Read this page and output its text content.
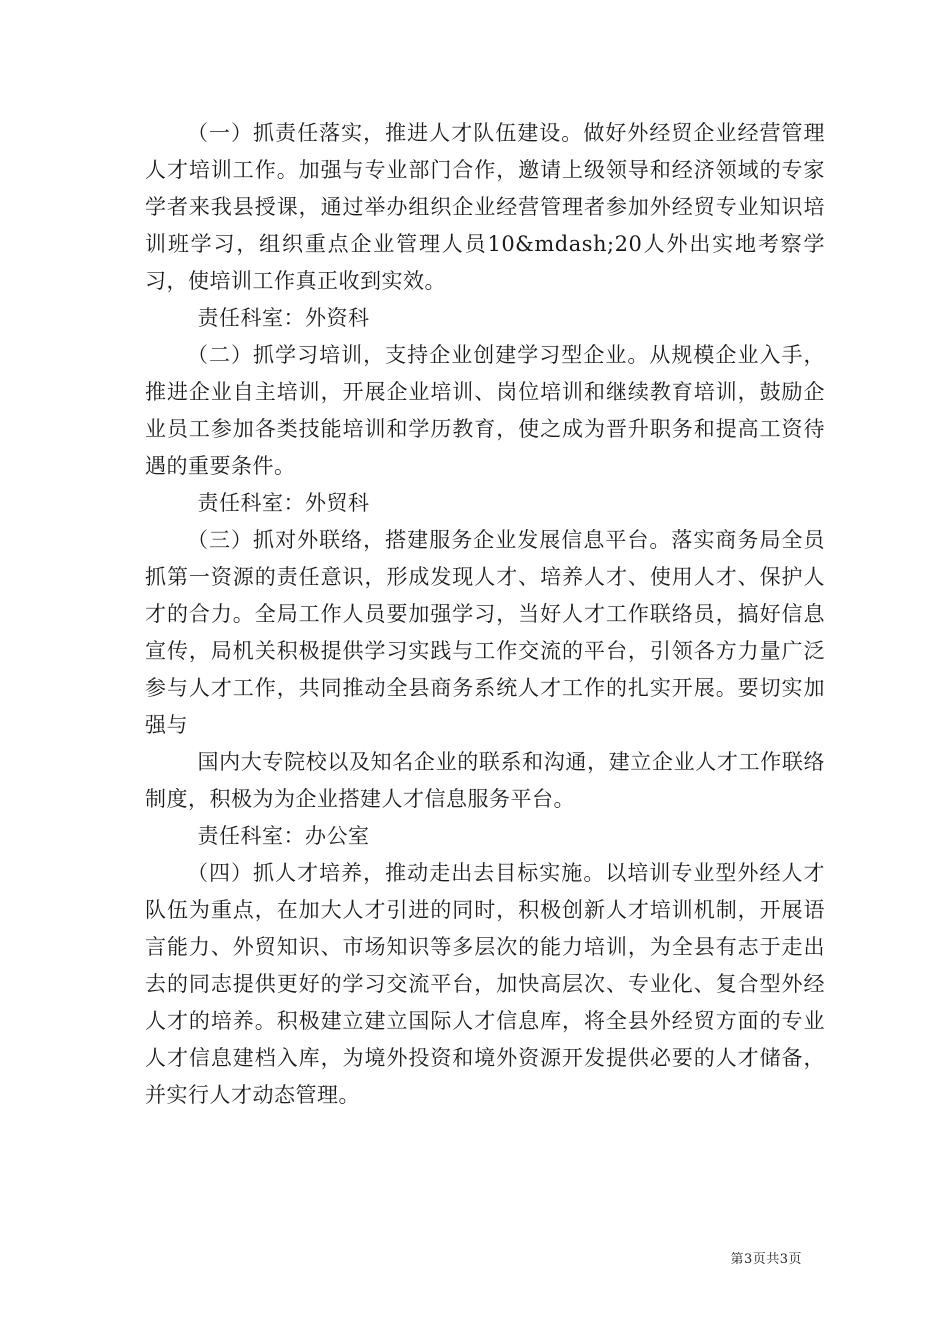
（一）抓责任落实，推进人才队伍建设。做好外经贸企业经营管理人才培训工作。加强与专业部门合作，邀请上级领导和经济领域的专家学者来我县授课，通过举办组织企业经营管理者参加外经贸专业知识培训班学习，组织重点企业管理人员10&mdash;20人外出实地考察学习，使培训工作真正收到实效。

责任科室：外资科

（二）抓学习培训，支持企业创建学习型企业。从规模企业入手，推进企业自主培训，开展企业培训、岗位培训和继续教育培训，鼓励企业员工参加各类技能培训和学历教育，使之成为晋升职务和提高工资待遇的重要条件。

责任科室：外贸科

（三）抓对外联络，搭建服务企业发展信息平台。落实商务局全员抓第一资源的责任意识，形成发现人才、培养人才、使用人才、保护人才的合力。全局工作人员要加强学习，当好人才工作联络员，搞好信息宣传，局机关积极提供学习实践与工作交流的平台，引领各方力量广泛参与人才工作，共同推动全县商务系统人才工作的扎实开展。要切实加强与

国内大专院校以及知名企业的联系和沟通，建立企业人才工作联络制度，积极为为企业搭建人才信息服务平台。

责任科室：办公室

（四）抓人才培养，推动走出去目标实施。以培训专业型外经人才队伍为重点，在加大人才引进的同时，积极创新人才培训机制，开展语言能力、外贸知识、市场知识等多层次的能力培训，为全县有志于走出去的同志提供更好的学习交流平台，加快高层次、专业化、复合型外经人才的培养。积极建立建立国际人才信息库，将全县外经贸方面的专业人才信息建档入库，为境外投资和境外资源开发提供必要的人才储备，并实行人才动态管理。

第3页共3页
